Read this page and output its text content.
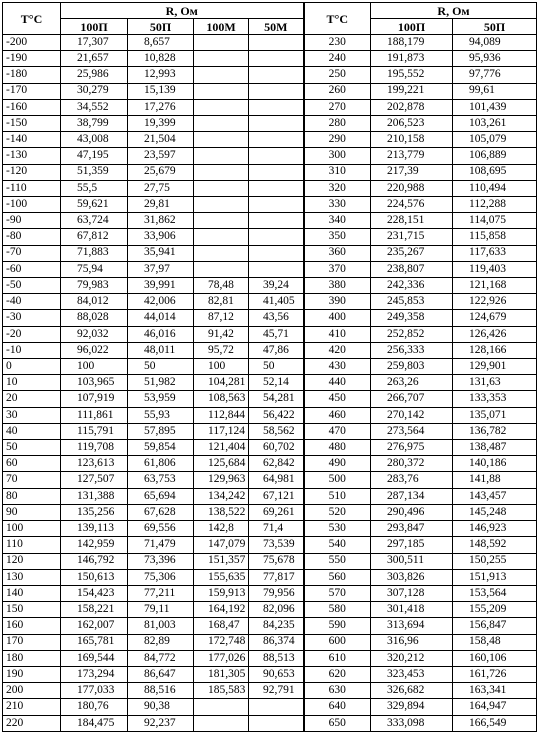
T°C	R, Ом				T°C	R, Ом	
	100П	50П	100М	50М		100П	50П
-200	17,307	8,657			230	188,179	94,089
-190	21,657	10,828			240	191,873	95,936
-180	25,986	12,993			250	195,552	97,776
-170	30,279	15,139			260	199,221	99,61
-160	34,552	17,276			270	202,878	101,439
-150	38,799	19,399			280	206,523	103,261
-140	43,008	21,504			290	210,158	105,079
-130	47,195	23,597			300	213,779	106,889
-120	51,359	25,679			310	217,39	108,695
-110	55,5	27,75			320	220,988	110,494
-100	59,621	29,81			330	224,576	112,288
-90	63,724	31,862			340	228,151	114,075
-80	67,812	33,906			350	231,715	115,858
-70	71,883	35,941			360	235,267	117,633
-60	75,94	37,97			370	238,807	119,403
-50	79,983	39,991	78,48	39,24	380	242,336	121,168
-40	84,012	42,006	82,81	41,405	390	245,853	122,926
-30	88,028	44,014	87,12	43,56	400	249,358	124,679
-20	92,032	46,016	91,42	45,71	410	252,852	126,426
-10	96,022	48,011	95,72	47,86	420	256,333	128,166
0	100	50	100	50	430	259,803	129,901
10	103,965	51,982	104,281	52,14	440	263,26	131,63
20	107,919	53,959	108,563	54,281	450	266,707	133,353
30	111,861	55,93	112,844	56,422	460	270,142	135,071
40	115,791	57,895	117,124	58,562	470	273,564	136,782
50	119,708	59,854	121,404	60,702	480	276,975	138,487
60	123,613	61,806	125,684	62,842	490	280,372	140,186
70	127,507	63,753	129,963	64,981	500	283,76	141,88
80	131,388	65,694	134,242	67,121	510	287,134	143,457
90	135,256	67,628	138,522	69,261	520	290,496	145,248
100	139,113	69,556	142,8	71,4	530	293,847	146,923
110	142,959	71,479	147,079	73,539	540	297,185	148,592
120	146,792	73,396	151,357	75,678	550	300,511	150,255
130	150,613	75,306	155,635	77,817	560	303,826	151,913
140	154,423	77,211	159,913	79,956	570	307,128	153,564
150	158,221	79,11	164,192	82,096	580	301,418	155,209
160	162,007	81,003	168,47	84,235	590	313,694	156,847
170	165,781	82,89	172,748	86,374	600	316,96	158,48
180	169,544	84,772	177,026	88,513	610	320,212	160,106
190	173,294	86,647	181,305	90,653	620	323,453	161,726
200	177,033	88,516	185,583	92,791	630	326,682	163,341
210	180,76	90,38			640	329,894	164,947
220	184,475	92,237			650	333,098	166,549
